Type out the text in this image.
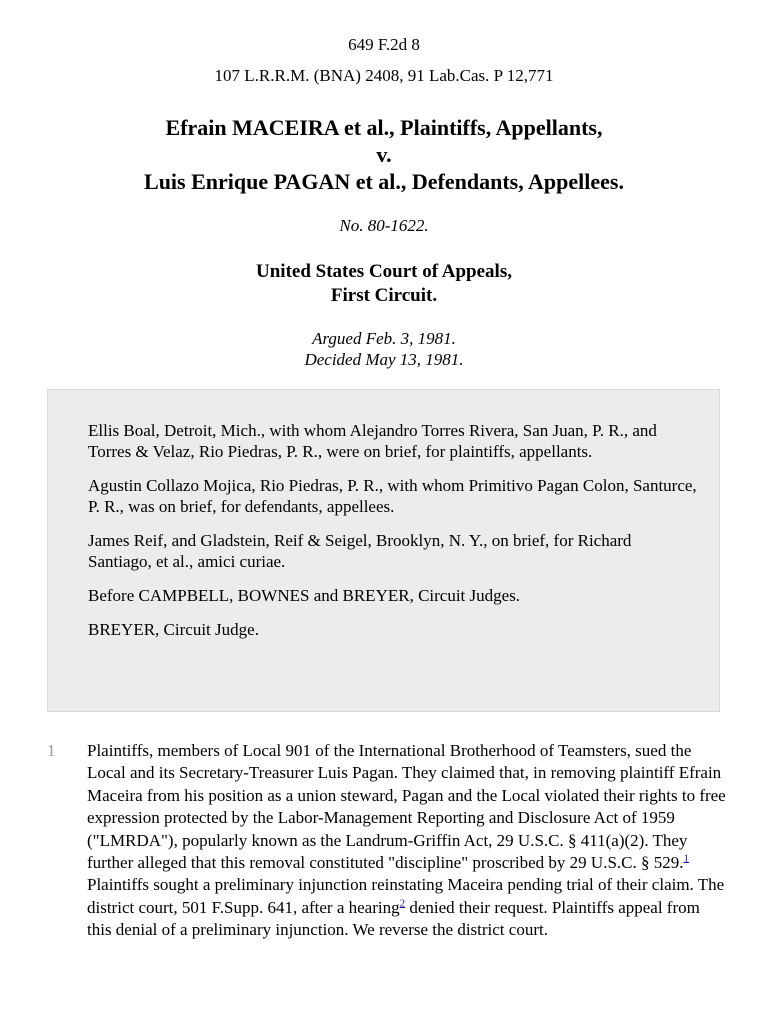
649 F.2d 8
107 L.R.R.M. (BNA) 2408, 91 Lab.Cas. P 12,771
Efrain MACEIRA et al., Plaintiffs, Appellants,
v.
Luis Enrique PAGAN et al., Defendants, Appellees.
No. 80-1622.
United States Court of Appeals,
First Circuit.
Argued Feb. 3, 1981.
Decided May 13, 1981.

Ellis Boal, Detroit, Mich., with whom Alejandro Torres Rivera, San Juan, P. R., and Torres & Velaz, Rio Piedras, P. R., were on brief, for plaintiffs, appellants.

Agustin Collazo Mojica, Rio Piedras, P. R., with whom Primitivo Pagan Colon, Santurce, P. R., was on brief, for defendants, appellees.

James Reif, and Gladstein, Reif & Seigel, Brooklyn, N. Y., on brief, for Richard Santiago, et al., amici curiae.

Before CAMPBELL, BOWNES and BREYER, Circuit Judges.

BREYER, Circuit Judge.

1 Plaintiffs, members of Local 901 of the International Brotherhood of Teamsters, sued the Local and its Secretary-Treasurer Luis Pagan. They claimed that, in removing plaintiff Efrain Maceira from his position as a union steward, Pagan and the Local violated their rights to free expression protected by the Labor-Management Reporting and Disclosure Act of 1959 ("LMRDA"), popularly known as the Landrum-Griffin Act, 29 U.S.C. § 411(a)(2). They further alleged that this removal constituted "discipline" proscribed by 29 U.S.C. § 529.$^1$ Plaintiffs sought a preliminary injunction reinstating Maceira pending trial of their claim. The district court, 501 F.Supp. 641, after a hearing$^2$ denied their request. Plaintiffs appeal from this denial of a preliminary injunction. We reverse the district court.
